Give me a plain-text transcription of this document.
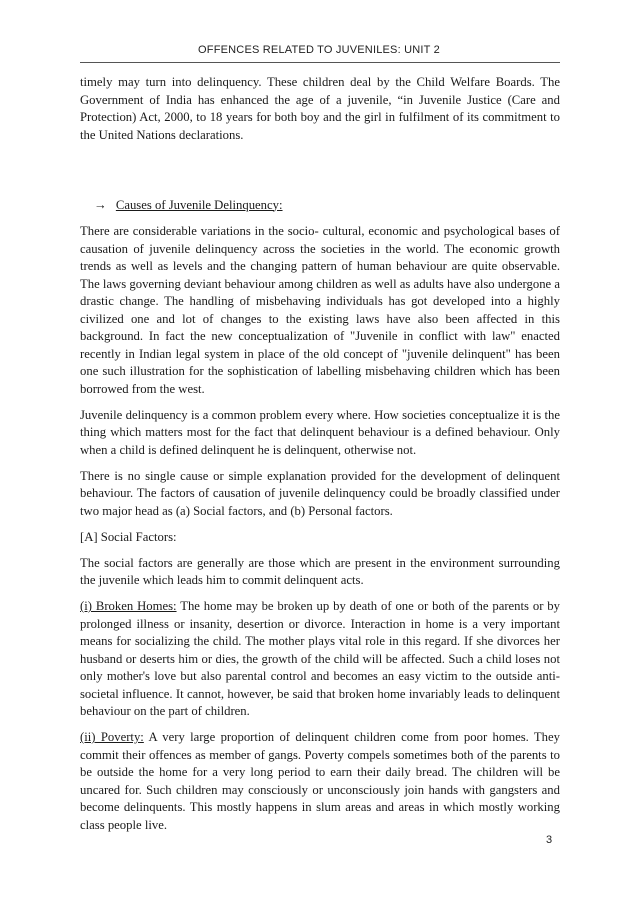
OFFENCES RELATED TO JUVENILES: UNIT 2

timely may turn into delinquency. These children deal by the Child Welfare Boards. The Government of India has enhanced the age of a juvenile, “in Juvenile Justice (Care and Protection) Act, 2000, to 18 years for both boy and the girl in fulfilment of its commitment to the United Nations declarations.

→ Causes of Juvenile Delinquency:

There are considerable variations in the socio- cultural, economic and psychological bases of causation of juvenile delinquency across the societies in the world. The economic growth trends as well as levels and the changing pattern of human behaviour are quite observable. The laws governing deviant behaviour among children as well as adults have also undergone a drastic change. The handling of misbehaving individuals has got developed into a highly civilized one and lot of changes to the existing laws have also been affected in this background. In fact the new conceptualization of "Juvenile in conflict with law" enacted recently in Indian legal system in place of the old concept of "juvenile delinquent" has been one such illustration for the sophistication of labelling misbehaving children which has been borrowed from the west.

Juvenile delinquency is a common problem every where. How societies conceptualize it is the thing which matters most for the fact that delinquent behaviour is a defined behaviour. Only when a child is defined delinquent he is delinquent, otherwise not.

There is no single cause or simple explanation provided for the development of delinquent behaviour. The factors of causation of juvenile delinquency could be broadly classified under two major head as (a) Social factors, and (b) Personal factors.

[A] Social Factors:

The social factors are generally are those which are present in the environment surrounding the juvenile which leads him to commit delinquent acts.

(i) Broken Homes: The home may be broken up by death of one or both of the parents or by prolonged illness or insanity, desertion or divorce. Interaction in home is a very important means for socializing the child. The mother plays vital role in this regard. If she divorces her husband or deserts him or dies, the growth of the child will be affected. Such a child loses not only mother's love but also parental control and becomes an easy victim to the outside anti-societal influence. It cannot, however, be said that broken home invariably leads to delinquent behaviour on the part of children.

(ii) Poverty: A very large proportion of delinquent children come from poor homes. They commit their offences as member of gangs. Poverty compels sometimes both of the parents to be outside the home for a very long period to earn their daily bread. The children will be uncared for. Such children may consciously or unconsciously join hands with gangsters and become delinquents. This mostly happens in slum areas and areas in which mostly working class people live.

3
